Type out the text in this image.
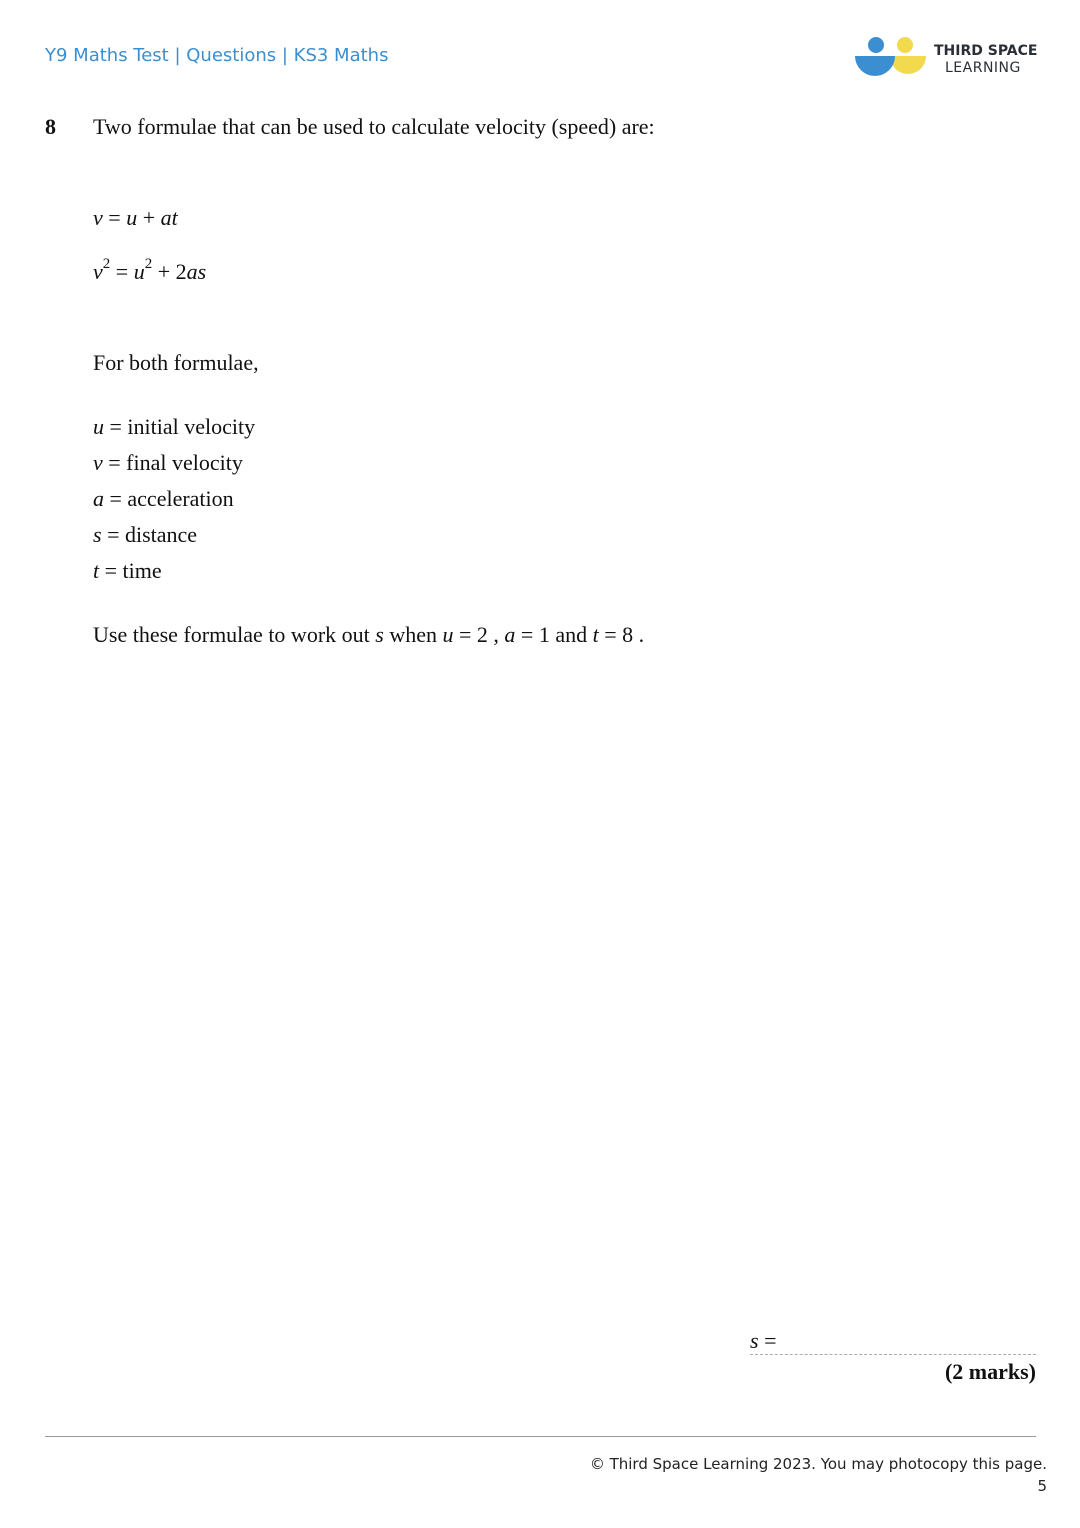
Y9 Maths Test | Questions | KS3 Maths	THIRD SPACE
LEARNING
8 Two formulae that can be used to calculate velocity (speed) are:
v = u + at
$v^2 = u^2 + 2as$
For both formulae,
u = initial velocity
v = final velocity
a = acceleration
s = distance
t = time
Use these formulae to work out s when u = 2 , a = 1 and t = 8 .
s =
(2 marks)
© Third Space Learning 2023. You may photocopy this page.
5
